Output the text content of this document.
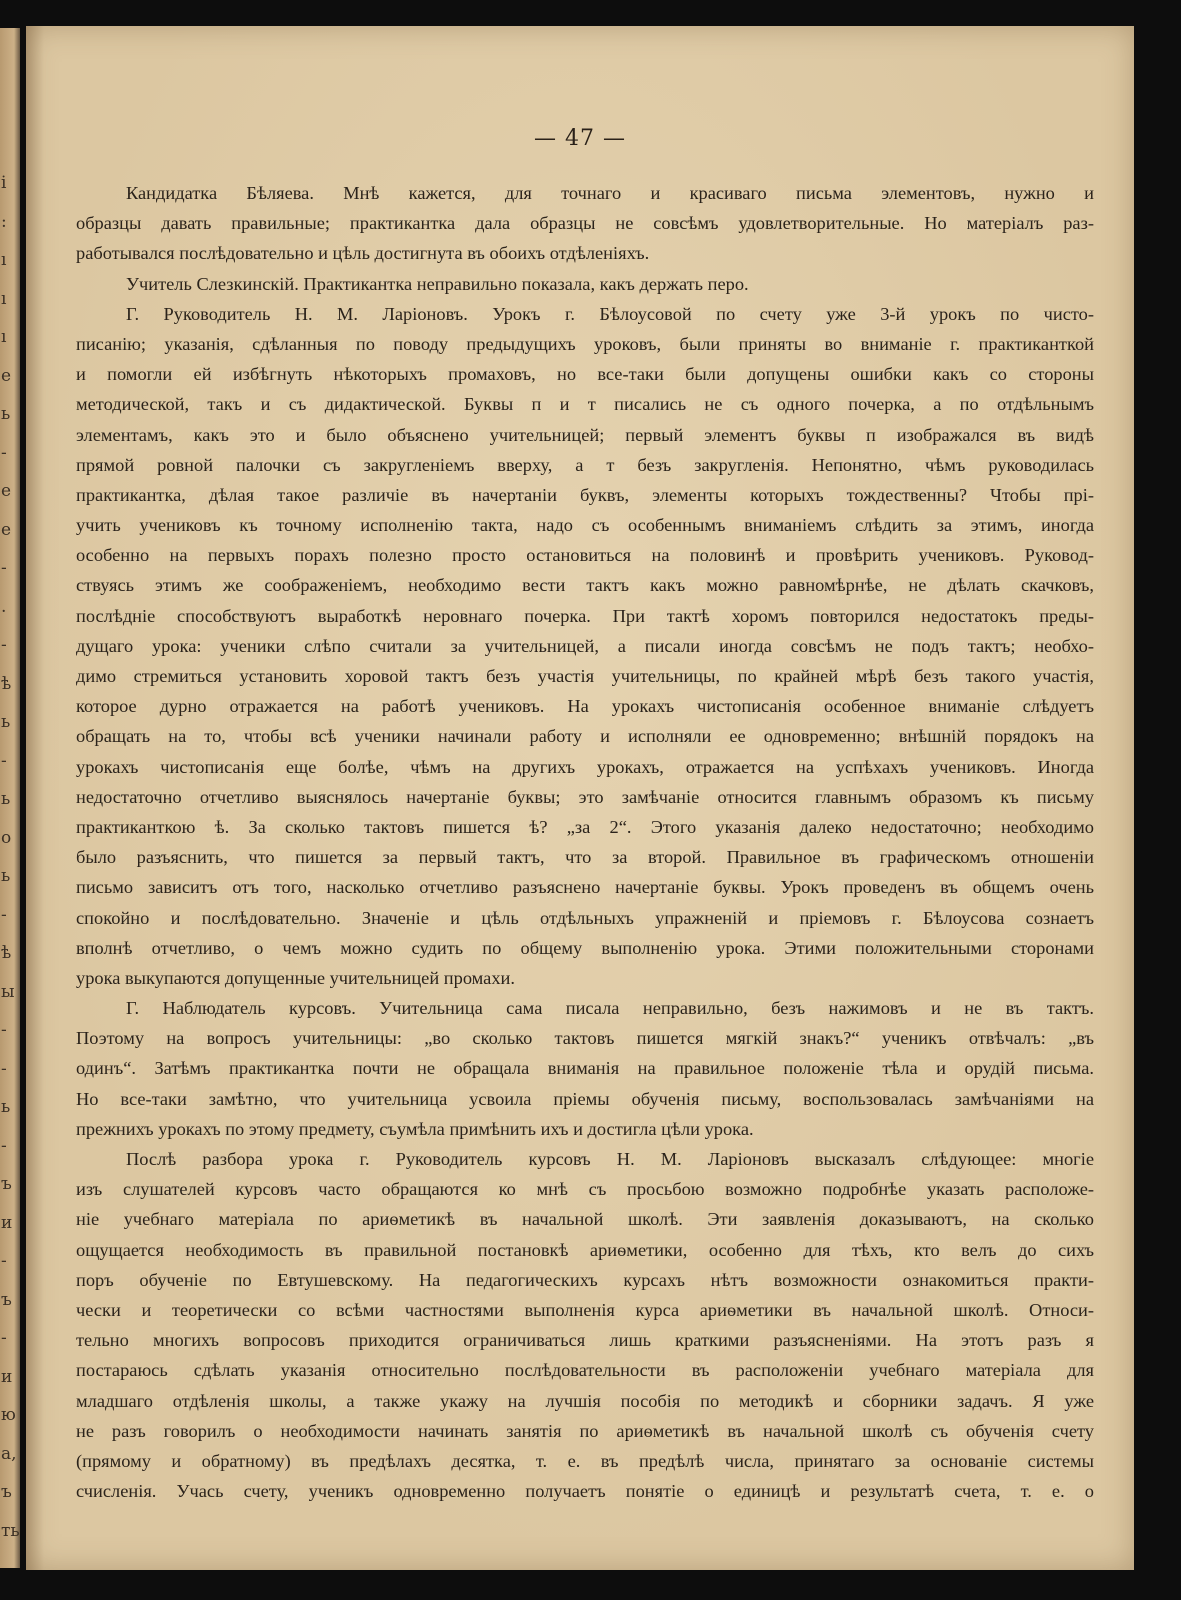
і
:
ı
ı
ı
е
ь
-
е
е
-
.
-
ѣ
ь
-
ь
о
ь
-
ѣ
ы
-
-
ь
-
ъ
и
-
ъ
-
и
ю
а,
ъ
ть
— 47 —
Кандидатка Бѣляева. Мнѣ кажется, для точнаго и красиваго письма элементовъ, нужно и
образцы давать правильные; практикантка дала образцы не совсѣмъ удовлетворительные. Но матеріалъ раз-
работывался послѣдовательно и цѣль достигнута въ обоихъ отдѣленіяхъ.
Учитель Слезкинскій. Практикантка неправильно показала, какъ держать перо.
Г. Руководитель Н. М. Ларіоновъ. Урокъ г. Бѣлоусовой по счету уже 3-й урокъ по чисто-
писанію; указанія, сдѣланныя по поводу предыдущихъ уроковъ, были приняты во вниманіе г. практиканткой
и помогли ей избѣгнуть нѣкоторыхъ промаховъ, но все-таки были допущены ошибки какъ со стороны
методической, такъ и съ дидактической. Буквы п и т писались не съ одного почерка, а по отдѣльнымъ
элементамъ, какъ это и было объяснено учительницей; первый элементъ буквы п изображался въ видѣ
прямой ровной палочки съ закругленіемъ вверху, а т безъ закругленія. Непонятно, чѣмъ руководилась
практикантка, дѣлая такое различіе въ начертаніи буквъ, элементы которыхъ тождественны? Чтобы прі-
учить учениковъ къ точному исполненію такта, надо съ особеннымъ вниманіемъ слѣдить за этимъ, иногда
особенно на первыхъ порахъ полезно просто остановиться на половинѣ и провѣрить учениковъ. Руковод-
ствуясь этимъ же соображеніемъ, необходимо вести тактъ какъ можно равномѣрнѣе, не дѣлать скачковъ,
послѣдніе способствуютъ выработкѣ неровнаго почерка. При тактѣ хоромъ повторился недостатокъ преды-
дущаго урока: ученики слѣпо считали за учительницей, а писали иногда совсѣмъ не подъ тактъ; необхо-
димо стремиться установить хоровой тактъ безъ участія учительницы, по крайней мѣрѣ безъ такого участія,
которое дурно отражается на работѣ учениковъ. На урокахъ чистописанія особенное вниманіе слѣдуетъ
обращать на то, чтобы всѣ ученики начинали работу и исполняли ее одновременно; внѣшній порядокъ на
урокахъ чистописанія еще болѣе, чѣмъ на другихъ урокахъ, отражается на успѣхахъ учениковъ. Иногда
недостаточно отчетливо выяснялось начертаніе буквы; это замѣчаніе относится главнымъ образомъ къ письму
практиканткою ѣ. За сколько тактовъ пишется ѣ? „за 2“. Этого указанія далеко недостаточно; необходимо
было разъяснить, что пишется за первый тактъ, что за второй. Правильное въ графическомъ отношеніи
письмо зависитъ отъ того, насколько отчетливо разъяснено начертаніе буквы. Урокъ проведенъ въ общемъ очень
спокойно и послѣдовательно. Значеніе и цѣль отдѣльныхъ упражненій и пріемовъ г. Бѣлоусова сознаетъ
вполнѣ отчетливо, о чемъ можно судить по общему выполненію урока. Этими положительными сторонами
урока выкупаются допущенные учительницей промахи.
Г. Наблюдатель курсовъ. Учительница сама писала неправильно, безъ нажимовъ и не въ тактъ.
Поэтому на вопросъ учительницы: „во сколько тактовъ пишется мягкій знакъ?“ ученикъ отвѣчалъ: „въ
одинъ“. Затѣмъ практикантка почти не обращала вниманія на правильное положеніе тѣла и орудій письма.
Но все-таки замѣтно, что учительница усвоила пріемы обученія письму, воспользовалась замѣчаніями на
прежнихъ урокахъ по этому предмету, съумѣла примѣнить ихъ и достигла цѣли урока.
Послѣ разбора урока г. Руководитель курсовъ Н. М. Ларіоновъ высказалъ слѣдующее: многіе
изъ слушателей курсовъ часто обращаются ко мнѣ съ просьбою возможно подробнѣе указать расположе-
ніе учебнаго матеріала по ариѳметикѣ въ начальной школѣ. Эти заявленія доказываютъ, на сколько
ощущается необходимость въ правильной постановкѣ ариѳметики, особенно для тѣхъ, кто велъ до сихъ
поръ обученіе по Евтушевскому. На педагогическихъ курсахъ нѣтъ возможности ознакомиться практи-
чески и теоретически со всѣми частностями выполненія курса ариѳметики въ начальной школѣ. Относи-
тельно многихъ вопросовъ приходится ограничиваться лишь краткими разъясненіями. На этотъ разъ я
постараюсь сдѣлать указанія относительно послѣдовательности въ расположеніи учебнаго матеріала для
младшаго отдѣленія школы, а также укажу на лучшія пособія по методикѣ и сборники задачъ. Я уже
не разъ говорилъ о необходимости начинать занятія по ариѳметикѣ въ начальной школѣ съ обученія счету
(прямому и обратному) въ предѣлахъ десятка, т. е. въ предѣлѣ числа, принятаго за основаніе системы
счисленія. Учась счету, ученикъ одновременно получаетъ понятіе о единицѣ и результатѣ счета, т. е. о
